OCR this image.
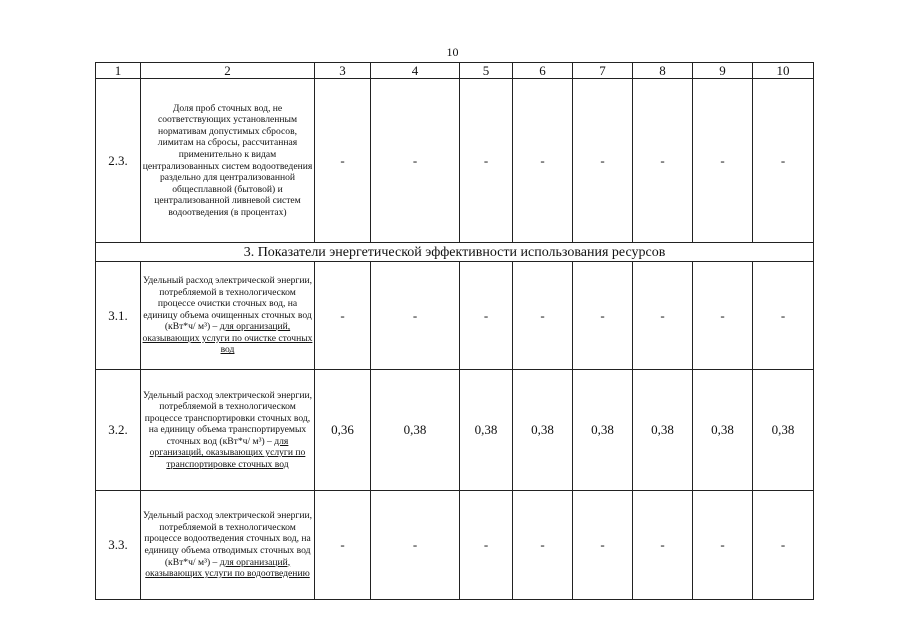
10
1	2	3	4	5	6	7	8	9	10
2.3.	Доля проб сточных вод, не соответствующих установленным нормативам допустимых сбросов, лимитам на сбросы, рассчитанная применительно к видам централизованных систем водоотведения раздельно для централизованной общесплавной (бытовой) и централизованной ливневой систем водоотведения (в процентах)	-	-	-	-	-	-	-	-
3. Показатели энергетической эффективности использования ресурсов									
3.1.	Удельный расход электрической энергии, потребляемой в технологическом процессе очистки сточных вод, на единицу объема очищенных сточных вод (кВт*ч/ м³) – для организаций, оказывающих услуги по очистке сточных вод	-	-	-	-	-	-	-	-
3.2.	Удельный расход электрической энергии, потребляемой в технологическом процессе транспортировки сточных вод, на единицу объема транспортируемых сточных вод (кВт*ч/ м³) – для организаций, оказывающих услуги по транспортировке сточных вод	0,36	0,38	0,38	0,38	0,38	0,38	0,38	0,38
3.3.	Удельный расход электрической энергии, потребляемой в технологическом процессе водоотведения сточных вод, на единицу объема отводимых сточных вод (кВт*ч/ м³) – для организаций, оказывающих услуги по водоотведению	-	-	-	-	-	-	-	-
